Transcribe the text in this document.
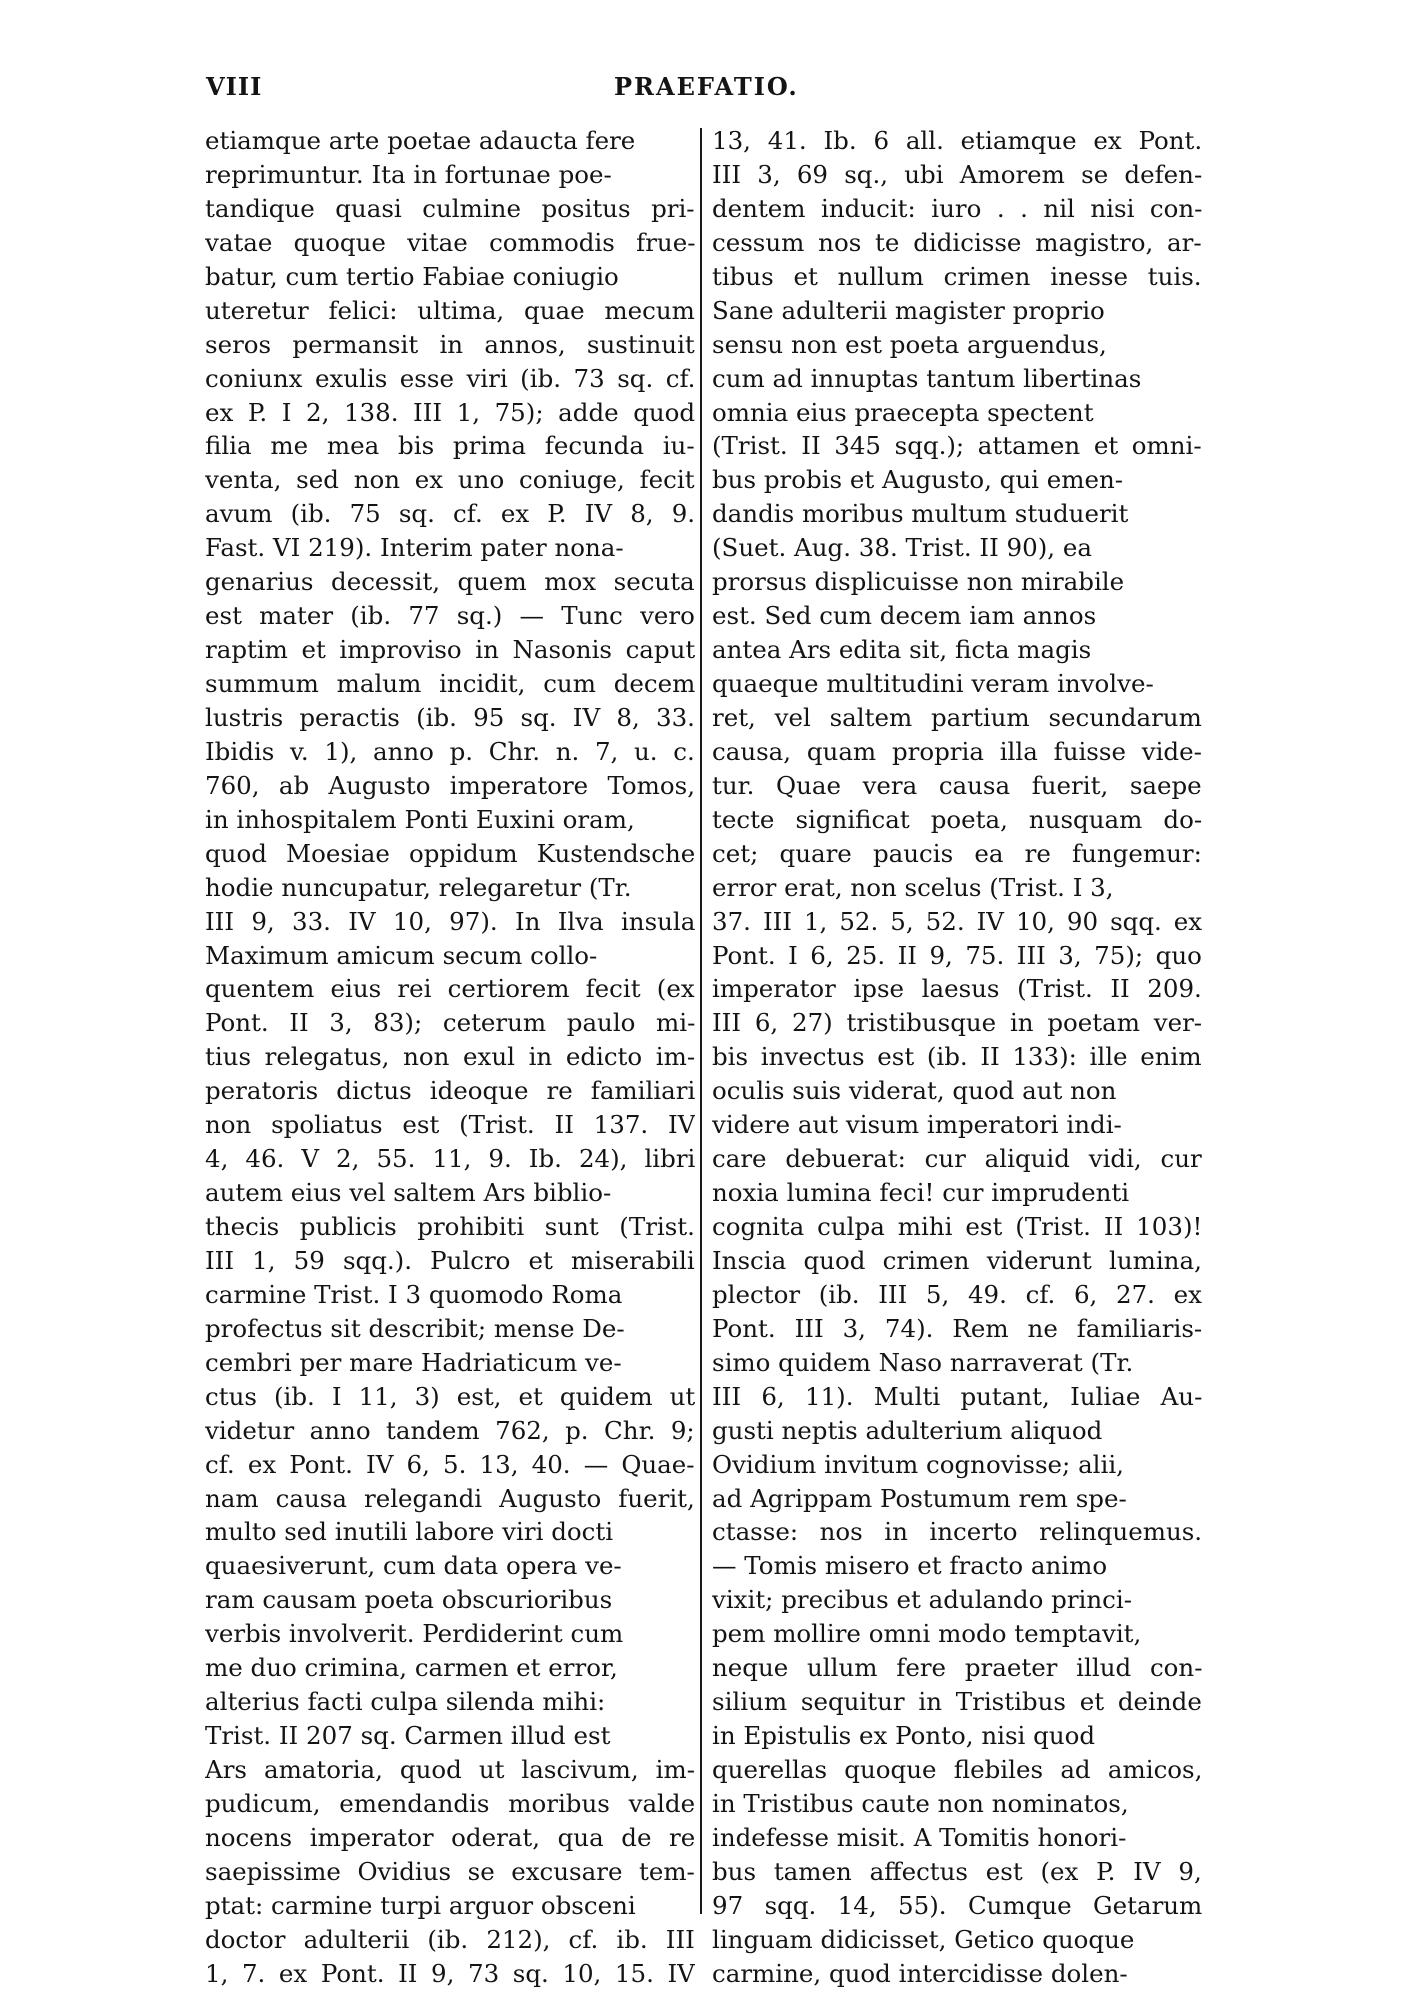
VIII	PRAEFATIO.
etiamque arte poetae adaucta fere
reprimuntur. Ita in fortunae poe-
tandique quasi culmine positus pri-
vatae quoque vitae commodis frue-
batur, cum tertio Fabiae coniugio
uteretur felici: ultima, quae mecum
seros permansit in annos, sustinuit
coniunx exulis esse viri (ib. 73 sq. cf.
ex P. I 2, 138. III 1, 75); adde quod
filia me mea bis prima fecunda iu-
venta, sed non ex uno coniuge, fecit
avum (ib. 75 sq. cf. ex P. IV 8, 9.
Fast. VI 219). Interim pater nona-
genarius decessit, quem mox secuta
est mater (ib. 77 sq.) — Tunc vero
raptim et improviso in Nasonis caput
summum malum incidit, cum decem
lustris peractis (ib. 95 sq. IV 8, 33.
Ibidis v. 1), anno p. Chr. n. 7, u. c.
760, ab Augusto imperatore Tomos,
in inhospitalem Ponti Euxini oram,
quod Moesiae oppidum Kustendsche
hodie nuncupatur, relegaretur (Tr.
III 9, 33. IV 10, 97). In Ilva insula
Maximum amicum secum collo-
quentem eius rei certiorem fecit (ex
Pont. II 3, 83); ceterum paulo mi-
tius relegatus, non exul in edicto im-
peratoris dictus ideoque re familiari
non spoliatus est (Trist. II 137. IV
4, 46. V 2, 55. 11, 9. Ib. 24), libri
autem eius vel saltem Ars biblio-
thecis publicis prohibiti sunt (Trist.
III 1, 59 sqq.). Pulcro et miserabili
carmine Trist. I 3 quomodo Roma
profectus sit describit; mense De-
cembri per mare Hadriaticum ve-
ctus (ib. I 11, 3) est, et quidem ut
videtur anno tandem 762, p. Chr. 9;
cf. ex Pont. IV 6, 5. 13, 40. — Quae-
nam causa relegandi Augusto fuerit,
multo sed inutili labore viri docti
quaesiverunt, cum data opera ve-
ram causam poeta obscurioribus
verbis involverit. Perdiderint cum
me duo crimina, carmen et error,
alterius facti culpa silenda mihi:
Trist. II 207 sq. Carmen illud est
Ars amatoria, quod ut lascivum, im-
pudicum, emendandis moribus valde
nocens imperator oderat, qua de re
saepissime Ovidius se excusare tem-
ptat: carmine turpi arguor obsceni
doctor adulterii (ib. 212), cf. ib. III
1, 7. ex Pont. II 9, 73 sq. 10, 15. IV
13, 41. Ib. 6 all. etiamque ex Pont.
III 3, 69 sq., ubi Amorem se defen-
dentem inducit: iuro . . nil nisi con-
cessum nos te didicisse magistro, ar-
tibus et nullum crimen inesse tuis.
Sane adulterii magister proprio
sensu non est poeta arguendus,
cum ad innuptas tantum libertinas
omnia eius praecepta spectent
(Trist. II 345 sqq.); attamen et omni-
bus probis et Augusto, qui emen-
dandis moribus multum studuerit
(Suet. Aug. 38. Trist. II 90), ea
prorsus displicuisse non mirabile
est. Sed cum decem iam annos
antea Ars edita sit, ficta magis
quaeque multitudini veram involve-
ret, vel saltem partium secundarum
causa, quam propria illa fuisse vide-
tur. Quae vera causa fuerit, saepe
tecte significat poeta, nusquam do-
cet; quare paucis ea re fungemur:
error erat, non scelus (Trist. I 3,
37. III 1, 52. 5, 52. IV 10, 90 sqq. ex
Pont. I 6, 25. II 9, 75. III 3, 75); quo
imperator ipse laesus (Trist. II 209.
III 6, 27) tristibusque in poetam ver-
bis invectus est (ib. II 133): ille enim
oculis suis viderat, quod aut non
videre aut visum imperatori indi-
care debuerat: cur aliquid vidi, cur
noxia lumina feci! cur imprudenti
cognita culpa mihi est (Trist. II 103)!
Inscia quod crimen viderunt lumina,
plector (ib. III 5, 49. cf. 6, 27. ex
Pont. III 3, 74). Rem ne familiaris-
simo quidem Naso narraverat (Tr.
III 6, 11). Multi putant, Iuliae Au-
gusti neptis adulterium aliquod
Ovidium invitum cognovisse; alii,
ad Agrippam Postumum rem spe-
ctasse: nos in incerto relinquemus.
— Tomis misero et fracto animo
vixit; precibus et adulando princi-
pem mollire omni modo temptavit,
neque ullum fere praeter illud con-
silium sequitur in Tristibus et deinde
in Epistulis ex Ponto, nisi quod
querellas quoque flebiles ad amicos,
in Tristibus caute non nominatos,
indefesse misit. A Tomitis honori-
bus tamen affectus est (ex P. IV 9,
97 sqq. 14, 55). Cumque Getarum
linguam didicisset, Getico quoque
carmine, quod intercidisse dolen-
